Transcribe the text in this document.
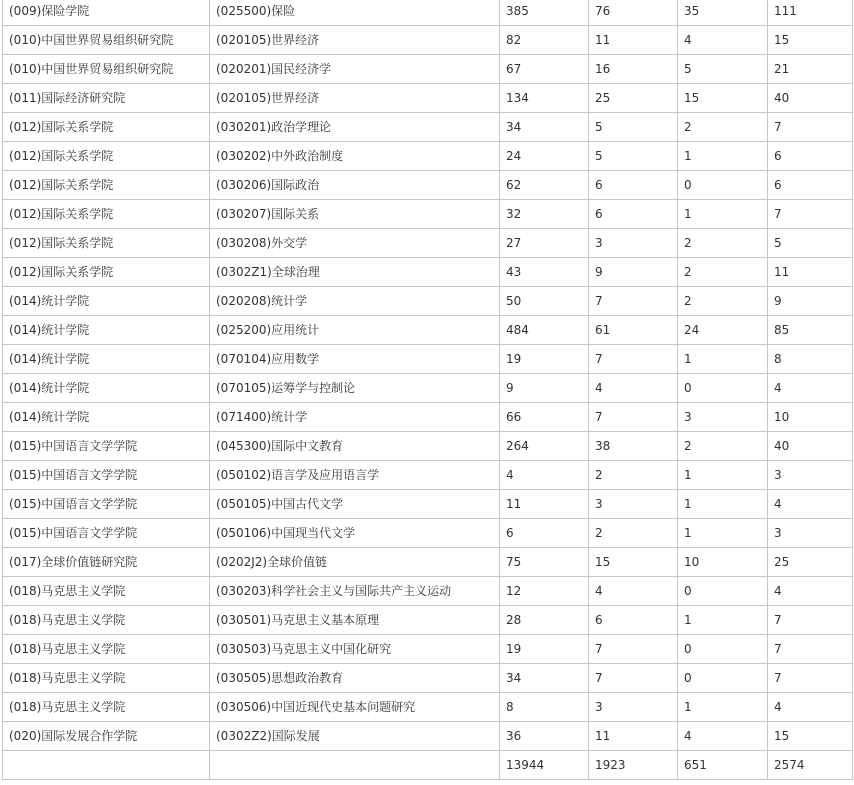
(009)保险学院	(025500)保险	385	76	35	111
(010)中国世界贸易组织研究院	(020105)世界经济	82	11	4	15
(010)中国世界贸易组织研究院	(020201)国民经济学	67	16	5	21
(011)国际经济研究院	(020105)世界经济	134	25	15	40
(012)国际关系学院	(030201)政治学理论	34	5	2	7
(012)国际关系学院	(030202)中外政治制度	24	5	1	6
(012)国际关系学院	(030206)国际政治	62	6	0	6
(012)国际关系学院	(030207)国际关系	32	6	1	7
(012)国际关系学院	(030208)外交学	27	3	2	5
(012)国际关系学院	(0302Z1)全球治理	43	9	2	11
(014)统计学院	(020208)统计学	50	7	2	9
(014)统计学院	(025200)应用统计	484	61	24	85
(014)统计学院	(070104)应用数学	19	7	1	8
(014)统计学院	(070105)运筹学与控制论	9	4	0	4
(014)统计学院	(071400)统计学	66	7	3	10
(015)中国语言文学学院	(045300)国际中文教育	264	38	2	40
(015)中国语言文学学院	(050102)语言学及应用语言学	4	2	1	3
(015)中国语言文学学院	(050105)中国古代文学	11	3	1	4
(015)中国语言文学学院	(050106)中国现当代文学	6	2	1	3
(017)全球价值链研究院	(0202J2)全球价值链	75	15	10	25
(018)马克思主义学院	(030203)科学社会主义与国际共产主义运动	12	4	0	4
(018)马克思主义学院	(030501)马克思主义基本原理	28	6	1	7
(018)马克思主义学院	(030503)马克思主义中国化研究	19	7	0	7
(018)马克思主义学院	(030505)思想政治教育	34	7	0	7
(018)马克思主义学院	(030506)中国近现代史基本问题研究	8	3	1	4
(020)国际发展合作学院	(0302Z2)国际发展	36	11	4	15
		13944	1923	651	2574
